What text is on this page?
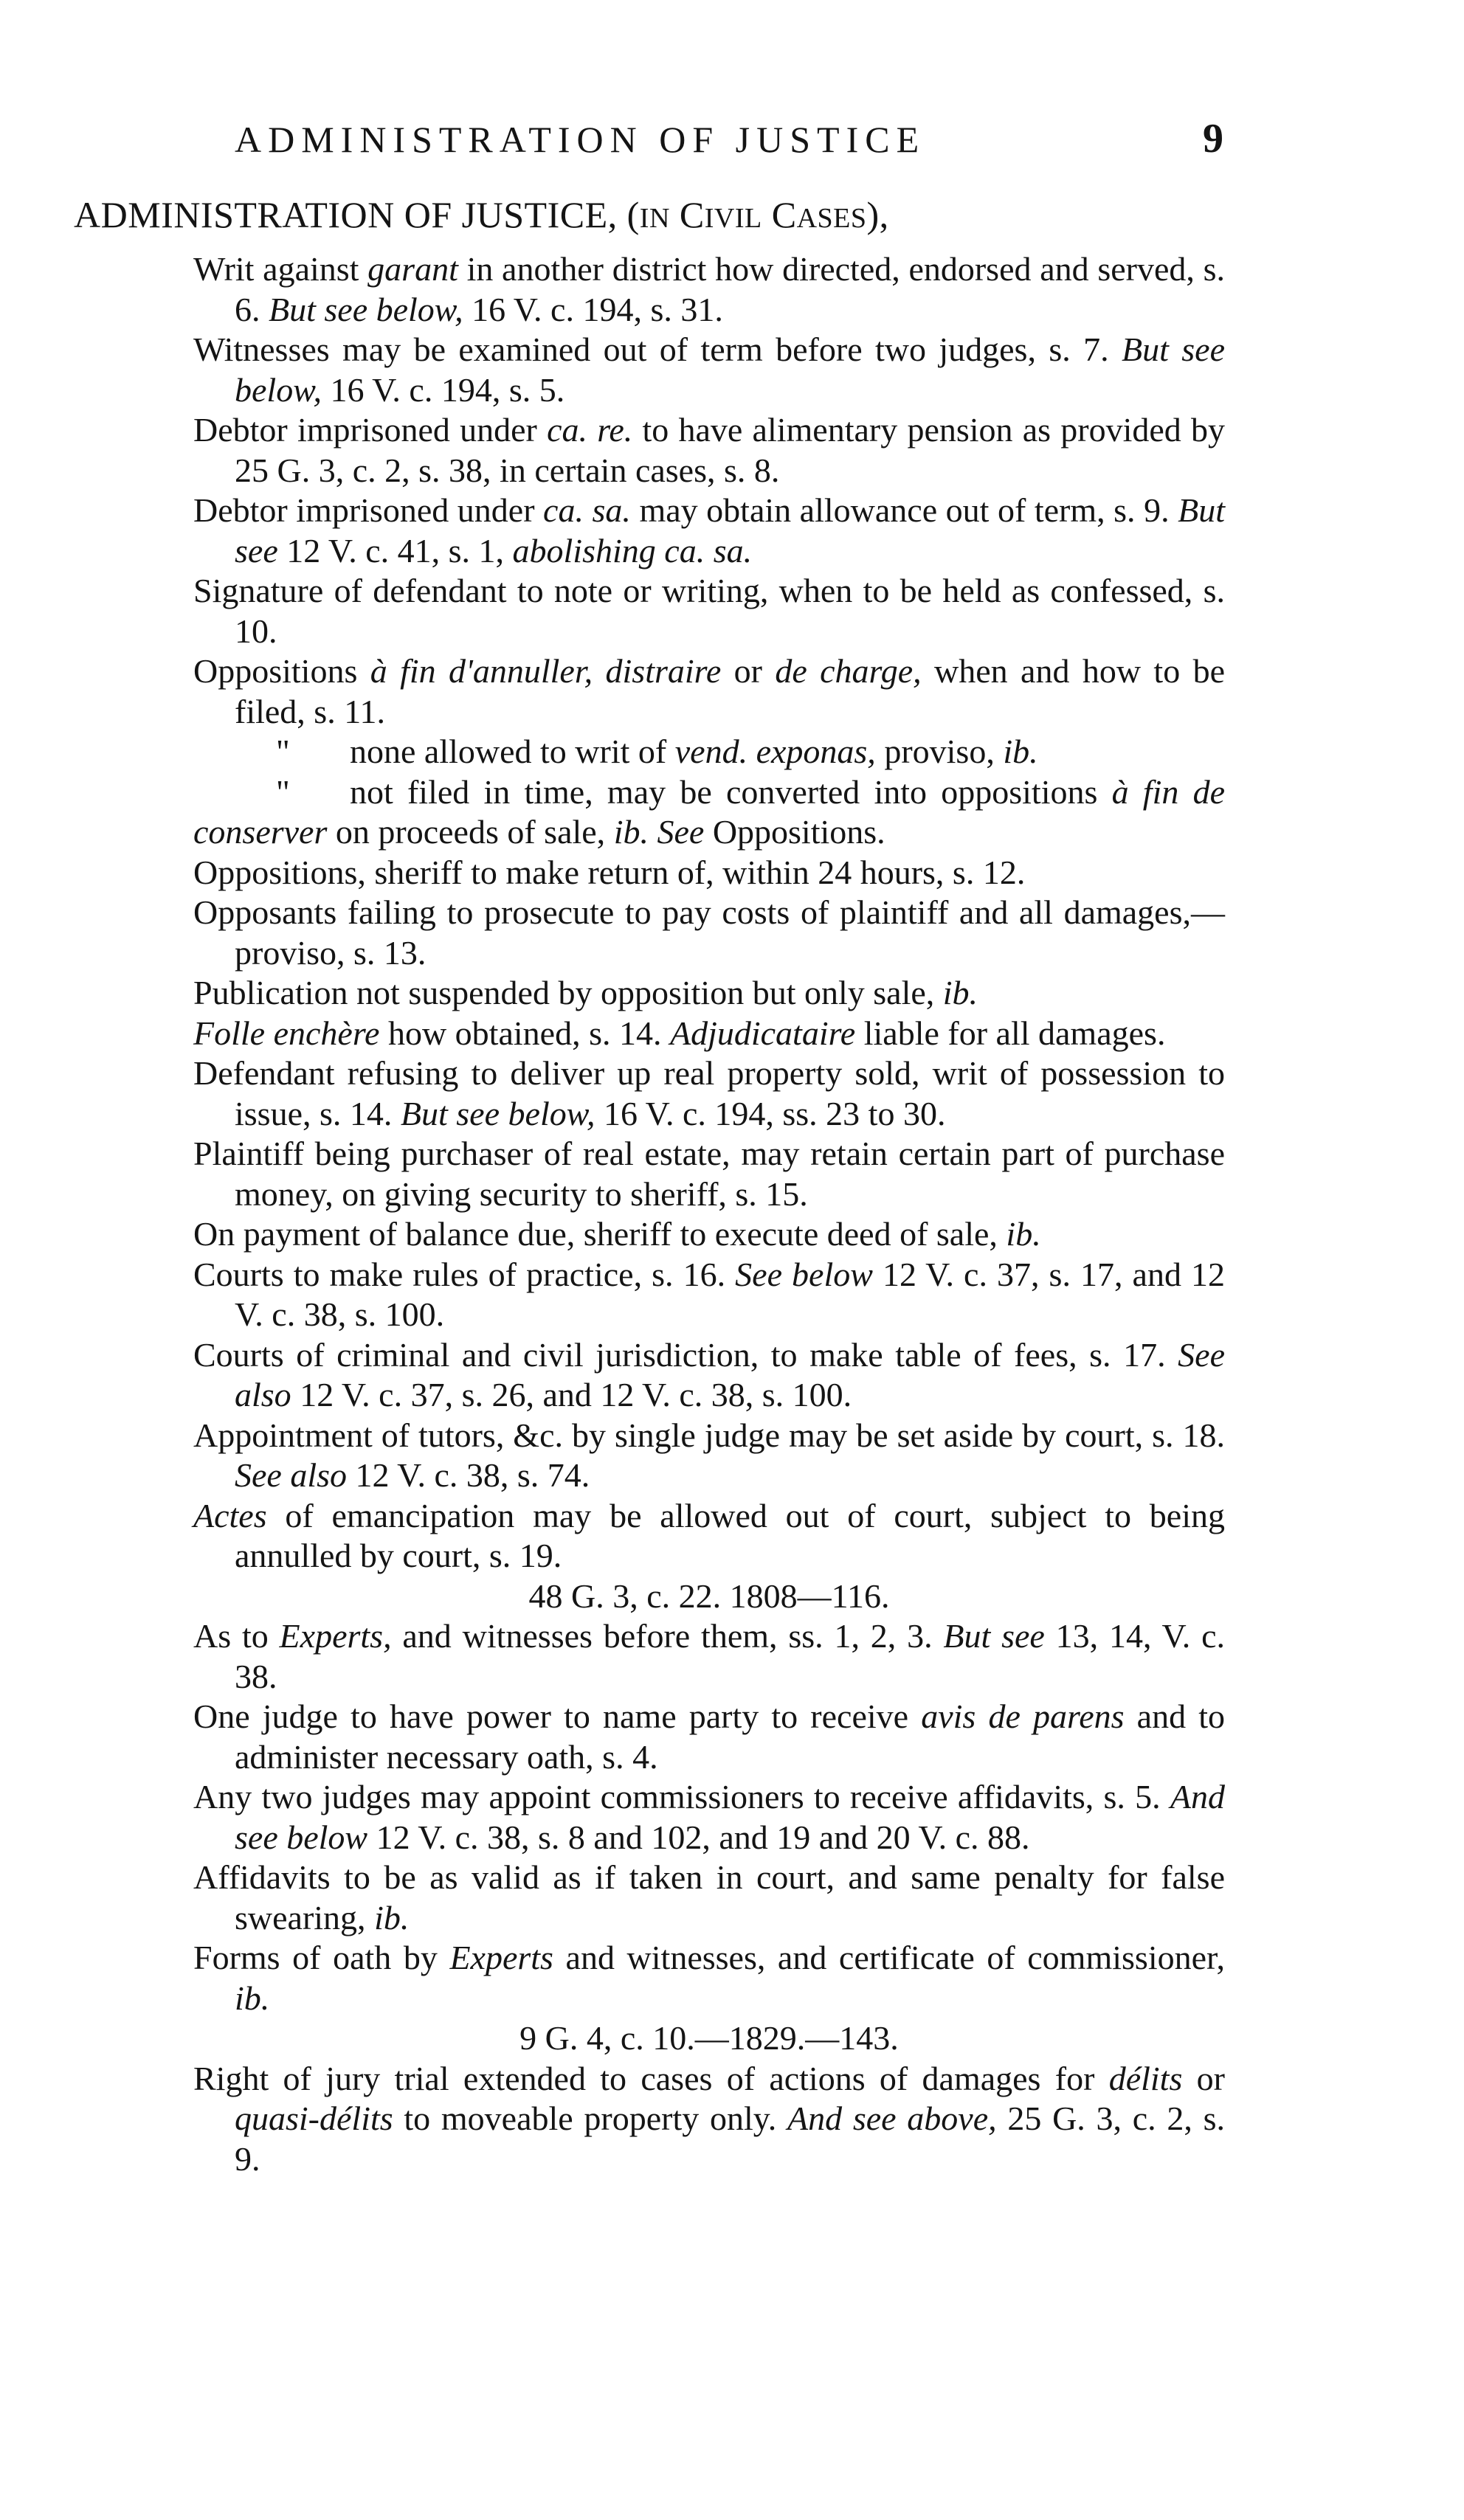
ADMINISTRATION OF JUSTICE	9
ADMINISTRATION OF JUSTICE, (IN CIVIL CASES),

Writ against garant in another district how directed, endorsed and served, s. 6. But see below, 16 V. c. 194, s. 31.

Witnesses may be examined out of term before two judges, s. 7. But see below, 16 V. c. 194, s. 5.

Debtor imprisoned under ca. re. to have alimentary pension as provided by 25 G. 3, c. 2, s. 38, in certain cases, s. 8.

Debtor imprisoned under ca. sa. may obtain allowance out of term, s. 9. But see 12 V. c. 41, s. 1, abolishing ca. sa.

Signature of defendant to note or writing, when to be held as confessed, s. 10.

Oppositions à fin d'annuller, distraire or de charge, when and how to be filed, s. 11.

" none allowed to writ of vend. exponas, proviso, ib.

" not filed in time, may be converted into oppositions à fin de conserver on proceeds of sale, ib. See Oppositions.

Oppositions, sheriff to make return of, within 24 hours, s. 12.

Opposants failing to prosecute to pay costs of plaintiff and all damages,—proviso, s. 13.

Publication not suspended by opposition but only sale, ib.

Folle enchère how obtained, s. 14. Adjudicataire liable for all damages.

Defendant refusing to deliver up real property sold, writ of possession to issue, s. 14. But see below, 16 V. c. 194, ss. 23 to 30.

Plaintiff being purchaser of real estate, may retain certain part of purchase money, on giving security to sheriff, s. 15.

On payment of balance due, sheriff to execute deed of sale, ib.

Courts to make rules of practice, s. 16. See below 12 V. c. 37, s. 17, and 12 V. c. 38, s. 100.

Courts of criminal and civil jurisdiction, to make table of fees, s. 17. See also 12 V. c. 37, s. 26, and 12 V. c. 38, s. 100.

Appointment of tutors, &c. by single judge may be set aside by court, s. 18. See also 12 V. c. 38, s. 74.

Actes of emancipation may be allowed out of court, subject to being annulled by court, s. 19.

48 G. 3, c. 22. 1808—116.

As to Experts, and witnesses before them, ss. 1, 2, 3. But see 13, 14, V. c. 38.

One judge to have power to name party to receive avis de parens and to administer necessary oath, s. 4.

Any two judges may appoint commissioners to receive affidavits, s. 5. And see below 12 V. c. 38, s. 8 and 102, and 19 and 20 V. c. 88.

Affidavits to be as valid as if taken in court, and same penalty for false swearing, ib.

Forms of oath by Experts and witnesses, and certificate of commissioner, ib.

9 G. 4, c. 10.—1829.—143.

Right of jury trial extended to cases of actions of damages for délits or quasi-délits to moveable property only. And see above, 25 G. 3, c. 2, s. 9.
